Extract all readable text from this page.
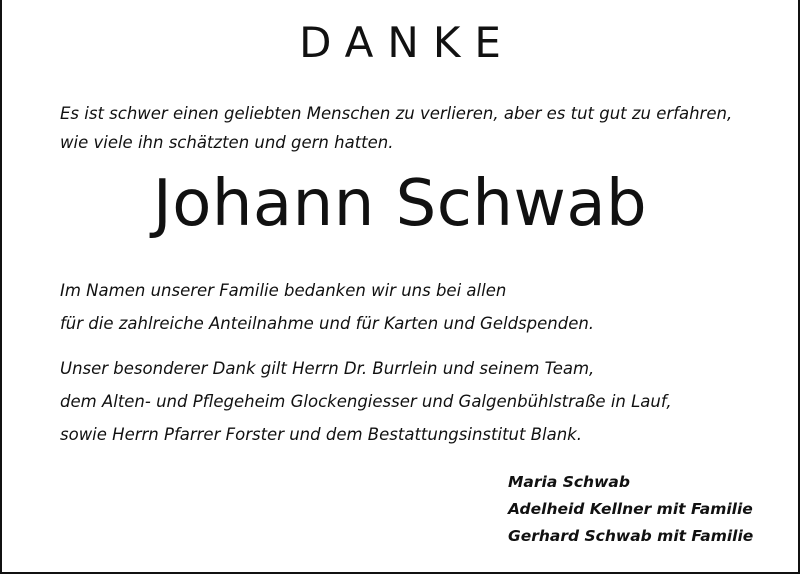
DANKE
Es ist schwer einen geliebten Menschen zu verlieren, aber es tut gut zu erfahren,
wie viele ihn schätzten und gern hatten.
Johann Schwab
Im Namen unserer Familie bedanken wir uns bei allen
für die zahlreiche Anteilnahme und für Karten und Geldspenden.
Unser besonderer Dank gilt Herrn Dr. Burrlein und seinem Team,
dem Alten- und Pflegeheim Glockengiesser und Galgenbühlstraße in Lauf,
sowie Herrn Pfarrer Forster und dem Bestattungsinstitut Blank.
Maria Schwab
Adelheid Kellner mit Familie
Gerhard Schwab mit Familie
